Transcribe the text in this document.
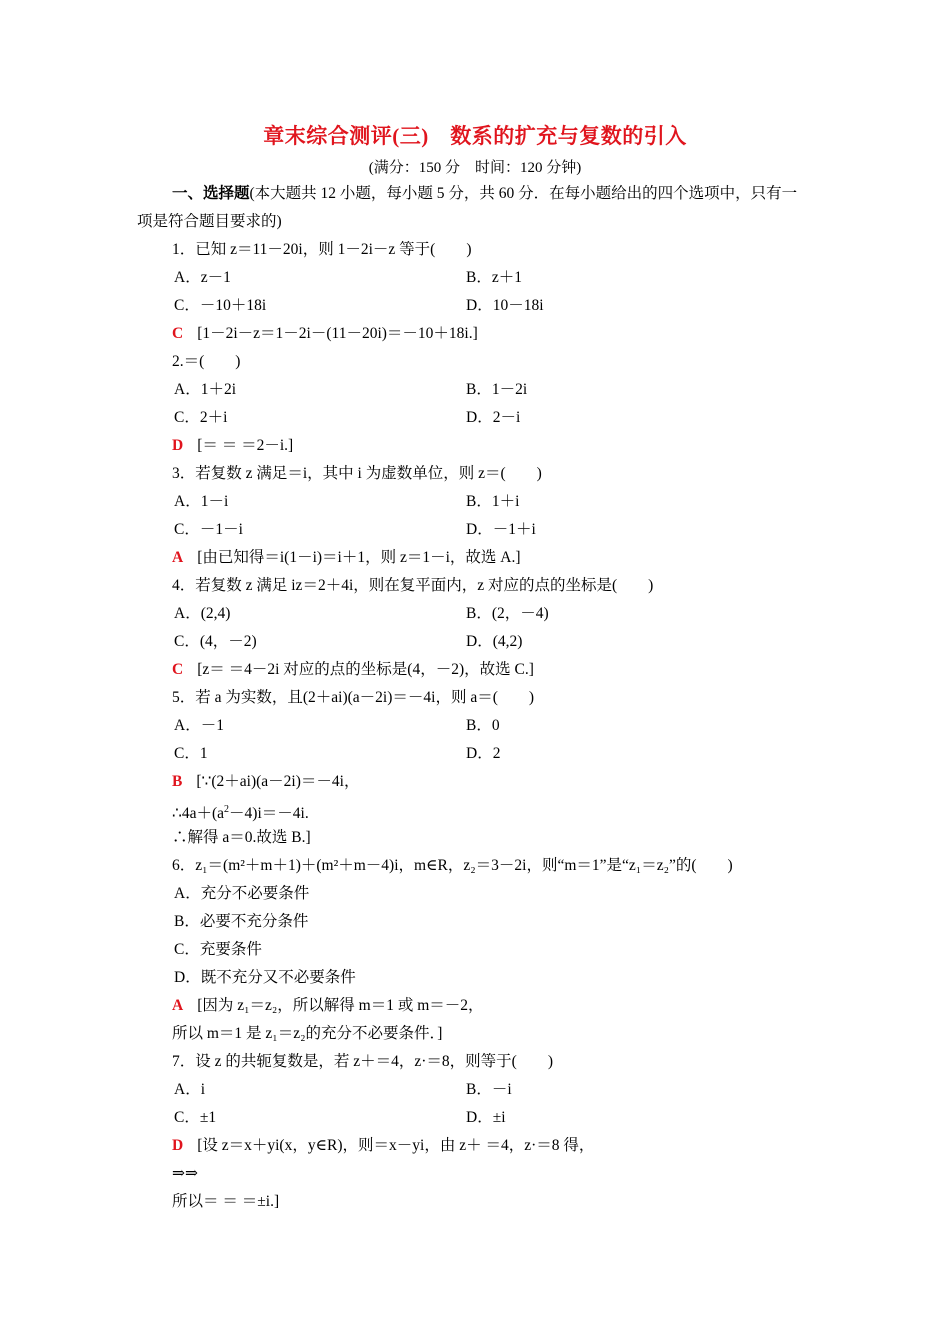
章末综合测评(三)　数系的扩充与复数的引入
(满分：150 分　时间：120 分钟)
一、选择题(本大题共 12 小题，每小题 5 分，共 60 分．在每小题给出的四个选项中，只有一
项是符合题目要求的)
1．已知 z＝11－20i，则 1－2i－z 等于(　　)
A．z－1	B．z＋1
C．－10＋18i	D．10－18i
C [1－2i－z＝1－2i－(11－20i)＝－10＋18i.]
2.＝(　　)
A．1＋2i	B．1－2i
C．2＋i	D．2－i
D [＝ ＝ ＝2－i.]
3．若复数 z 满足＝i，其中 i 为虚数单位，则 z＝(　　)
A．1－i	B．1＋i
C．－1－i	D．－1＋i
A [由已知得＝i(1－i)＝i＋1，则 z＝1－i，故选 A.]
4．若复数 z 满足 iz＝2＋4i，则在复平面内，z 对应的点的坐标是(　　)
A．(2,4)	B．(2，－4)
C．(4，－2)	D．(4,2)
C [z＝ ＝4－2i 对应的点的坐标是(4，－2)，故选 C.]
5．若 a 为实数，且(2＋ai)(a－2i)＝－4i，则 a＝(　　)
A．－1	B．0
C．1	D．2
B [∵(2＋ai)(a－2i)＝－4i，
$\therefore 4a+(a^2-4)i=-4i$.
∴解得 a＝0.故选 B.]
6．z₁＝(m²＋m＋1)＋(m²＋m－4)i，m∈R，z₂＝3－2i，则“m＝1”是“z₁＝z₂”的(　　)
A．充分不必要条件
B．必要不充分条件
C．充要条件
D．既不充分又不必要条件
A [因为 z₁＝z₂，所以解得 m＝1 或 m＝－2，
所以 m＝1 是 z₁＝z₂的充分不必要条件．]
7．设 z 的共轭复数是，若 z＋＝4，z·＝8，则等于(　　)
A．i	B．－i
C．±1	D．±i
D [设 z＝x＋yi(x，y∈R)，则＝x－yi，由 z＋ ＝4，z·＝8 得，
⇒⇒
所以＝ ＝ ＝±i.]
